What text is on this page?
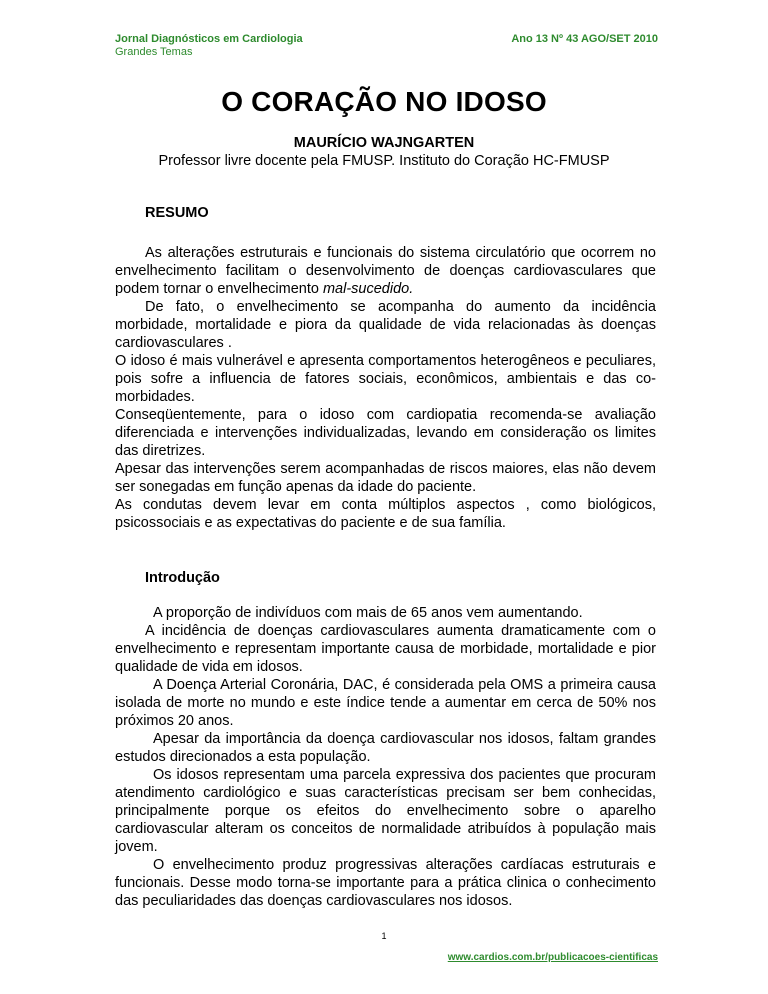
Jornal Diagnósticos em Cardiologia
Grandes Temas
Ano 13 Nº 43 AGO/SET 2010
O CORAÇÃO NO IDOSO
MAURÍCIO WAJNGARTEN
Professor livre docente pela FMUSP. Instituto do Coração HC-FMUSP
RESUMO

As alterações estruturais e funcionais do sistema circulatório que ocorrem no envelhecimento facilitam o desenvolvimento de doenças cardiovasculares que podem tornar o envelhecimento mal-sucedido.

De fato, o envelhecimento se acompanha do aumento da incidência morbidade, mortalidade e piora da qualidade de vida relacionadas às doenças cardiovasculares .

O idoso é mais vulnerável e apresenta comportamentos heterogêneos e peculiares, pois sofre a influencia de fatores sociais, econômicos, ambientais e das co-morbidades.

Conseqüentemente, para o idoso com cardiopatia recomenda-se avaliação diferenciada e intervenções individualizadas, levando em consideração os limites das diretrizes.

Apesar das intervenções serem acompanhadas de riscos maiores, elas não devem ser sonegadas em função apenas da idade do paciente.

As condutas devem levar em conta múltiplos aspectos , como biológicos, psicossociais e as expectativas do paciente e de sua família.

Introdução

A proporção de indivíduos com mais de 65 anos vem aumentando.

A incidência de doenças cardiovasculares aumenta dramaticamente com o envelhecimento e representam importante causa de morbidade, mortalidade e pior qualidade de vida em idosos.

A Doença Arterial Coronária, DAC, é considerada pela OMS a primeira causa isolada de morte no mundo e este índice tende a aumentar em cerca de 50% nos próximos 20 anos.

Apesar da importância da doença cardiovascular nos idosos, faltam grandes estudos direcionados a esta população.

Os idosos representam uma parcela expressiva dos pacientes que procuram atendimento cardiológico e suas características precisam ser bem conhecidas, principalmente porque os efeitos do envelhecimento sobre o aparelho cardiovascular alteram os conceitos de normalidade atribuídos à população mais jovem.

O envelhecimento produz progressivas alterações cardíacas estruturais e funcionais. Desse modo torna-se importante para a prática clinica o conhecimento das peculiaridades das doenças cardiovasculares nos idosos.

1
www.cardios.com.br/publicacoes-cientificas
